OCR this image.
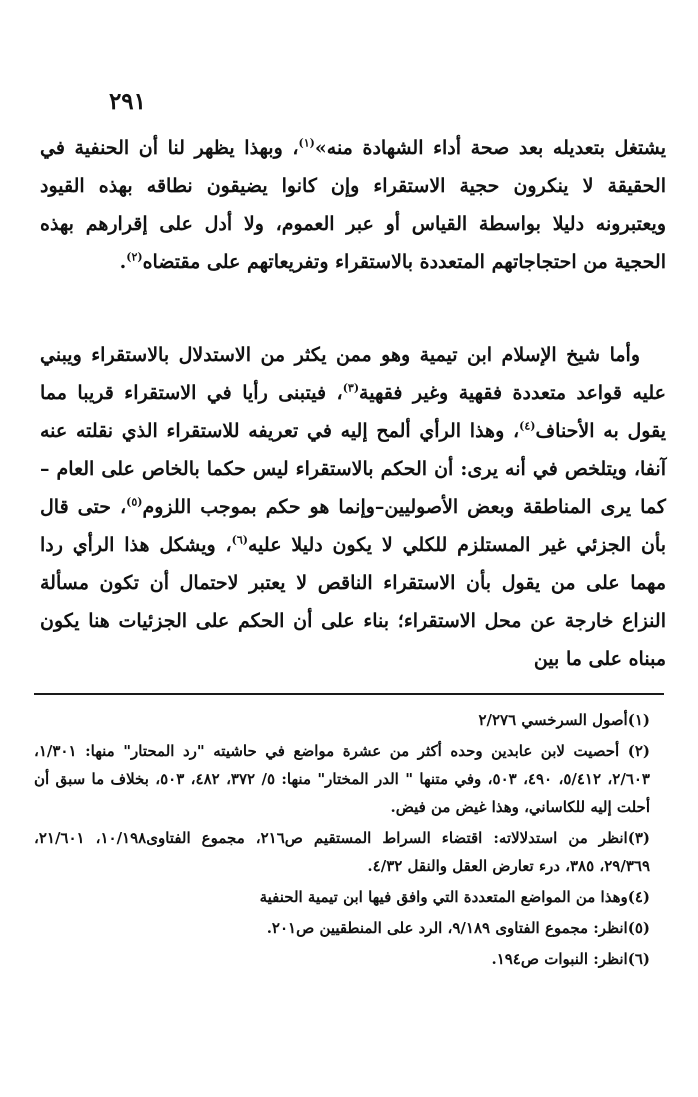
٢٩١

يشتغل بتعديله بعد صحة أداء الشهادة منه»$^{(١)}$، وبهذا يظهر لنا أن الحنفية في الحقيقة لا ينكرون حجية الاستقراء وإن كانوا يضيقون نطاقه بهذه القيود ويعتبرونه دليلا بواسطة القياس أو عبر العموم، ولا أدل على إقرارهم بهذه الحجية من احتجاجاتهم المتعددة بالاستقراء وتفريعاتهم على مقتضاه$^{(٢)}$.

وأما شيخ الإسلام ابن تيمية وهو ممن يكثر من الاستدلال بالاستقراء ويبني عليه قواعد متعددة فقهية وغير فقهية$^{(٣)}$، فيتبنى رأيا في الاستقراء قريبا مما يقول به الأحناف$^{(٤)}$، وهذا الرأي ألمح إليه في تعريفه للاستقراء الذي نقلته عنه آنفا، ويتلخص في أنه يرى: أن الحكم بالاستقراء ليس حكما بالخاص على العام – كما يرى المناطقة وبعض الأصوليين–وإنما هو حكم بموجب اللزوم$^{(٥)}$، حتى قال بأن الجزئي غير المستلزم للكلي لا يكون دليلا عليه$^{(٦)}$، ويشكل هذا الرأي ردا مهما على من يقول بأن الاستقراء الناقص لا يعتبر لاحتمال أن تكون مسألة النزاع خارجة عن محل الاستقراء؛ بناء على أن الحكم على الجزئيات هنا يكون مبناه على ما بين

(١)أصول السرخسي ٢/٢٧٦

(٢) أحصيت لابن عابدين وحده أكثر من عشرة مواضع في حاشيته "رد المحتار" منها: ١/٣٠١، ٢/٦٠٣، ٥/٤١٢، ٤٩٠، ٥٠٣، وفي متنها " الدر المختار" منها: ٥/ ٣٧٢، ٤٨٢، ٥٠٣، بخلاف ما سبق أن أحلت إليه للكاساني، وهذا غيض من فيض.

(٣)انظر من استدلالاته: اقتضاء السراط المستقيم ص٢١٦، مجموع الفتاوى١٠/١٩٨، ٢١/٦٠١، ٢٩/٣٦٩، ٣٨٥، درء تعارض العقل والنقل ٤/٣٢.

(٤)وهذا من المواضع المتعددة التي وافق فيها ابن تيمية الحنفية

(٥)انظر: مجموع الفتاوى ٩/١٨٩، الرد على المنطقيين ص٢٠١.

(٦)انظر: النبوات ص١٩٤.
